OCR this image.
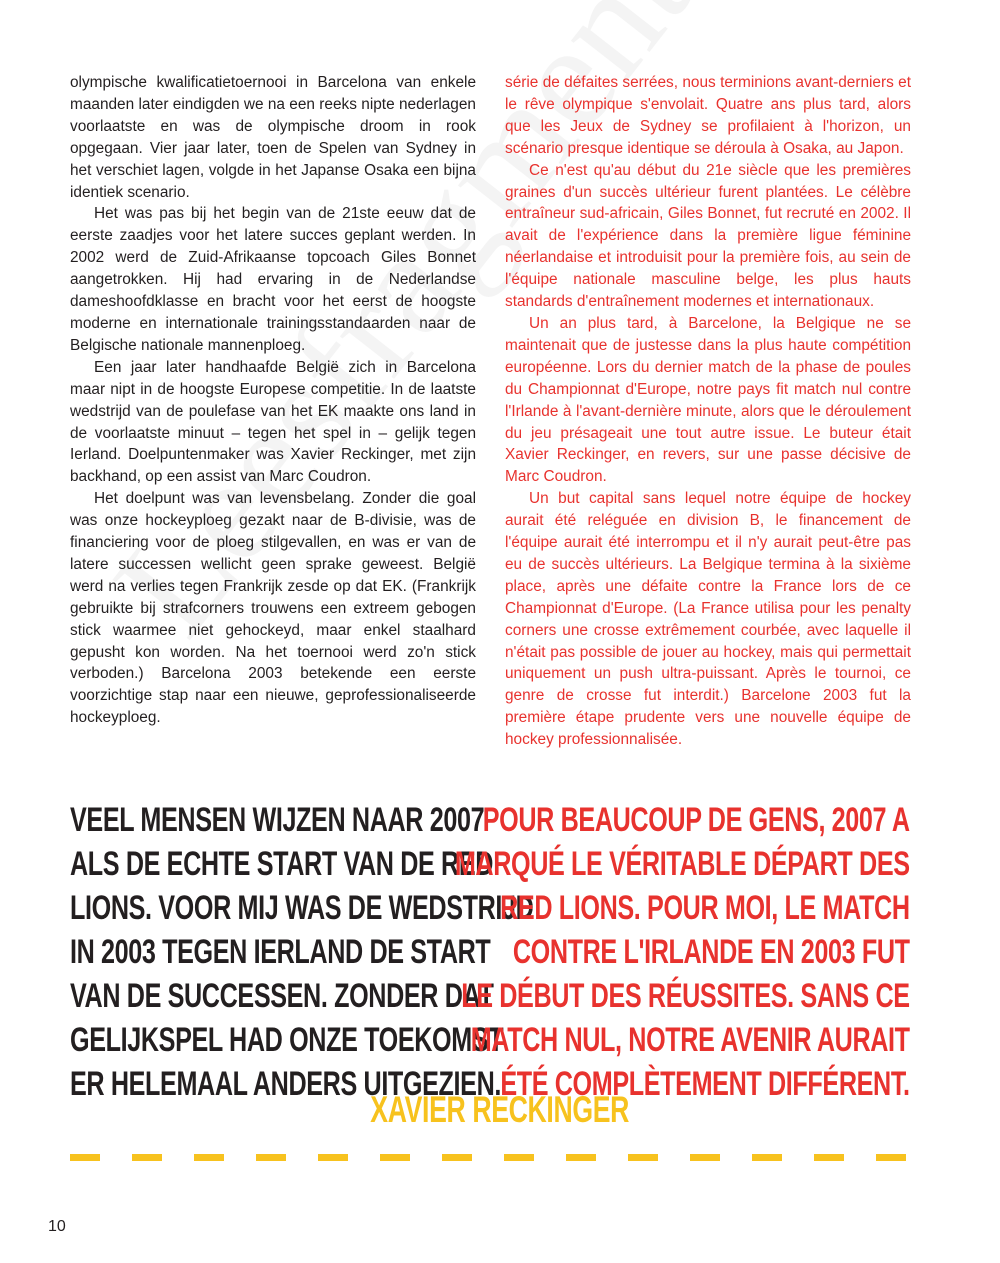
olympische kwalificatietoernooi in Barcelona van enkele maanden later eindigden we na een reeks nipte nederlagen voorlaatste en was de olympische droom in rook opgegaan. Vier jaar later, toen de Spelen van Sydney in het verschiet lagen, volgde in het Japanse Osaka een bijna identiek scenario.

Het was pas bij het begin van de 21ste eeuw dat de eerste zaadjes voor het latere succes geplant werden. In 2002 werd de Zuid-Afrikaanse topcoach Giles Bonnet aangetrokken. Hij had ervaring in de Nederlandse dameshoofdklasse en bracht voor het eerst de hoogste moderne en internationale trainingsstandaarden naar de Belgische nationale mannenploeg.

Een jaar later handhaafde België zich in Barcelona maar nipt in de hoogste Europese competitie. In de laatste wedstrijd van de poulefase van het EK maakte ons land in de voorlaatste minuut – tegen het spel in – gelijk tegen Ierland. Doelpuntenmaker was Xavier Reckinger, met zijn backhand, op een assist van Marc Coudron.

Het doelpunt was van levensbelang. Zonder die goal was onze hockeyploeg gezakt naar de B-divisie, was de financiering voor de ploeg stilgevallen, en was er van de latere successen wellicht geen sprake geweest. België werd na verlies tegen Frankrijk zesde op dat EK. (Frankrijk gebruikte bij strafcorners trouwens een extreem gebogen stick waarmee niet gehockeyd, maar enkel staalhard gepusht kon worden. Na het toernooi werd zo'n stick verboden.) Barcelona 2003 betekende een eerste voorzichtige stap naar een nieuwe, geprofessionaliseerde hockeyploeg.

série de défaites serrées, nous terminions avant-derniers et le rêve olympique s'envolait. Quatre ans plus tard, alors que les Jeux de Sydney se profilaient à l'horizon, un scénario presque identique se déroula à Osaka, au Japon.

Ce n'est qu'au début du 21e siècle que les premières graines d'un succès ultérieur furent plantées. Le célèbre entraîneur sud-africain, Giles Bonnet, fut recruté en 2002. Il avait de l'expérience dans la première ligue féminine néerlandaise et introduisit pour la première fois, au sein de l'équipe nationale masculine belge, les plus hauts standards d'entraînement modernes et internationaux.

Un an plus tard, à Barcelone, la Belgique ne se maintenait que de justesse dans la plus haute compétition européenne. Lors du dernier match de la phase de poules du Championnat d'Europe, notre pays fit match nul contre l'Irlande à l'avant-dernière minute, alors que le déroulement du jeu présageait une tout autre issue. Le buteur était Xavier Reckinger, en revers, sur une passe décisive de Marc Coudron.

Un but capital sans lequel notre équipe de hockey aurait été reléguée en division B, le financement de l'équipe aurait été interrompu et il n'y aurait peut-être pas eu de succès ultérieurs. La Belgique termina à la sixième place, après une défaite contre la France lors de ce Championnat d'Europe. (La France utilisa pour les penalty corners une crosse extrêmement courbée, avec laquelle il n'était pas possible de jouer au hockey, mais qui permettait uniquement un push ultra-puissant. Après le tournoi, ce genre de crosse fut interdit.) Barcelone 2003 fut la première étape prudente vers une nouvelle équipe de hockey professionnalisée.

VEEL MENSEN WIJZEN NAAR 2007
ALS DE ECHTE START VAN DE RED
LIONS. VOOR MIJ WAS DE WEDSTRIJD
IN 2003 TEGEN IERLAND DE START
VAN DE SUCCESSEN. ZONDER DAT
GELIJKSPEL HAD ONZE TOEKOMST
ER HELEMAAL ANDERS UITGEZIEN.
POUR BEAUCOUP DE GENS, 2007 A
MARQUÉ LE VÉRITABLE DÉPART DES
RED LIONS. POUR MOI, LE MATCH
CONTRE L'IRLANDE EN 2003 FUT
LE DÉBUT DES RÉUSSITES. SANS CE
MATCH NUL, NOTRE AVENIR AURAIT
ÉTÉ COMPLÈTEMENT DIFFÉRENT.
XAVIER RECKINGER
10
